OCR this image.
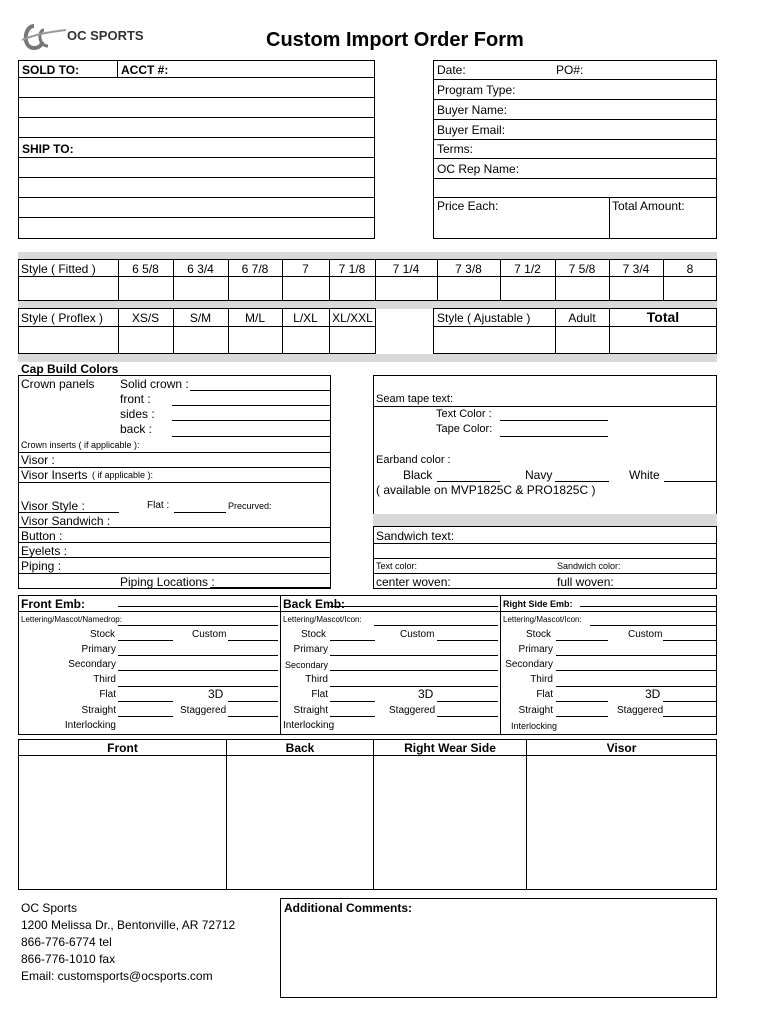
OC SPORTS	Custom Import Order Form
SOLD TO:	ACCT #:
SHIP TO:
Date:	PO#:
Program Type:
Buyer Name:
Buyer Email:
Terms:
OC Rep Name:
Price Each:	Total Amount:
Style ( Fitted )	6 5/8	6 3/4	6 7/8	7	7 1/8	7 1/4	7 3/8	7 1/2	7 5/8	7 3/4	8
Style ( Proflex )	XS/S	S/M	M/L	L/XL	XL/XXL	Style ( Ajustable )	Adult	Total
Cap Build Colors
Crown panels Solid crown :
front :
sides :
back :
Crown inserts ( if applicable ):
Visor :
Visor Inserts ( if applicable ):
Visor Style :	Flat :	Precurved:
Visor Sandwich :
Button :
Eyelets :
Piping :
Piping Locations :
Seam tape text:
Text Color :
Tape Color:
Earband color :
Black	Navy	White
( available on MVP1825C & PRO1825C )
Sandwich text:
Text color:	Sandwich color:
center woven:	full woven:
Front Emb:
Lettering/Mascot/Namedrop:
Stock	Custom
Primary
Secondary
Third
Flat	3D
Straight	Staggered
Interlocking
Back Emb:
Lettering/Mascot/Icon:
Stock	Custom
Primary
Secondary
Third
Flat	3D
Straight	Staggered
Interlocking
Right Side Emb:
Lettering/Mascot/Icon:
Stock	Custom
Primary
Secondary
Third
Flat	3D
Straight	Staggered
Interlocking
Front	Back	Right Wear Side	Visor
OC Sports
1200 Melissa Dr., Bentonville, AR 72712
866-776-6774 tel
866-776-1010 fax
Email: customsports@ocsports.com
Additional Comments:
